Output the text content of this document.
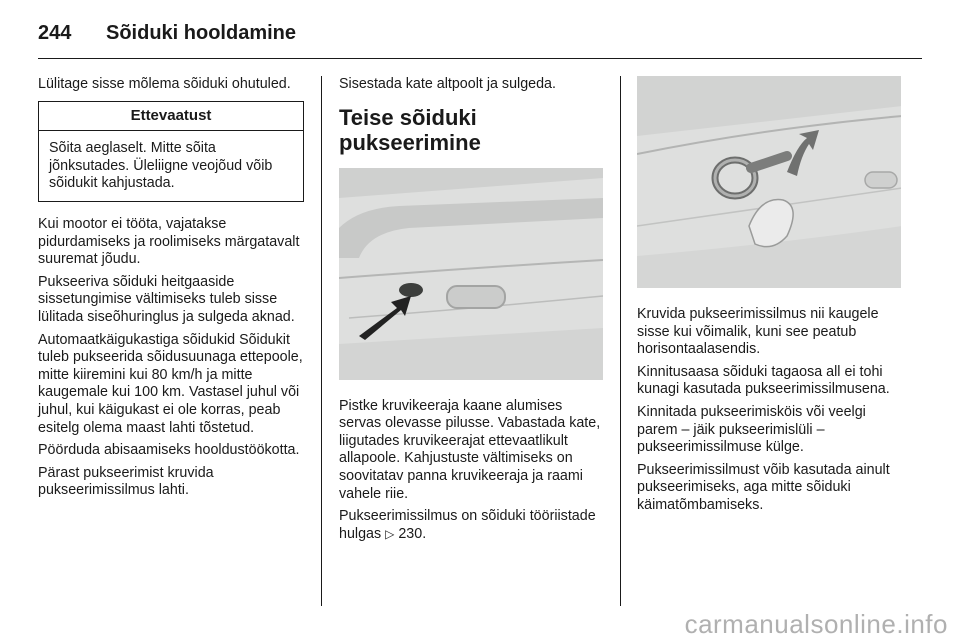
244	Sõiduki hooldamine

Lülitage sisse mõlema sõiduki ohutuled.

Ettevaatust
Sõita aeglaselt. Mitte sõita jõnksutades. Üleliigne veojõud võib sõidukit kahjustada.

Kui mootor ei tööta, vajatakse pidurdamiseks ja roolimiseks märgatavalt suuremat jõudu.

Pukseeriva sõiduki heitgaaside sissetungimise vältimiseks tuleb sisse lülitada siseõhuringlus ja sulgeda aknad.

Automaatkäigukastiga sõidukid Sõidukit tuleb pukseerida sõidusuunaga ettepoole, mitte kiiremini kui 80 km/h ja mitte kaugemale kui 100 km. Vastasel juhul või juhul, kui käigukast ei ole korras, peab esitelg olema maast lahti tõstetud.

Pöörduda abisaamiseks hooldustöökotta.

Pärast pukseerimist kruvida pukseerimissilmus lahti.

Sisestada kate altpoolt ja sulgeda.

Teise sõiduki pukseerimine

Pistke kruvikeeraja kaane alumises servas olevasse pilusse. Vabastada kate, liigutades kruvikeerajat ettevaatlikult allapoole. Kahjustuste vältimiseks on soovitatav panna kruvikeeraja ja raami vahele riie.

Pukseerimissilmus on sõiduki tööriistade hulgas ▷ 230.

Kruvida pukseerimissilmus nii kaugele sisse kui võimalik, kuni see peatub horisontaalasendis.

Kinnitusaasa sõiduki tagaosa all ei tohi kunagi kasutada pukseerimissilmusena.

Kinnitada pukseerimisköis või veelgi parem – jäik pukseerimislüli – pukseerimissilmuse külge.

Pukseerimissilmust võib kasutada ainult pukseerimiseks, aga mitte sõiduki käimatõmbamiseks.

carmanualsonline.info
